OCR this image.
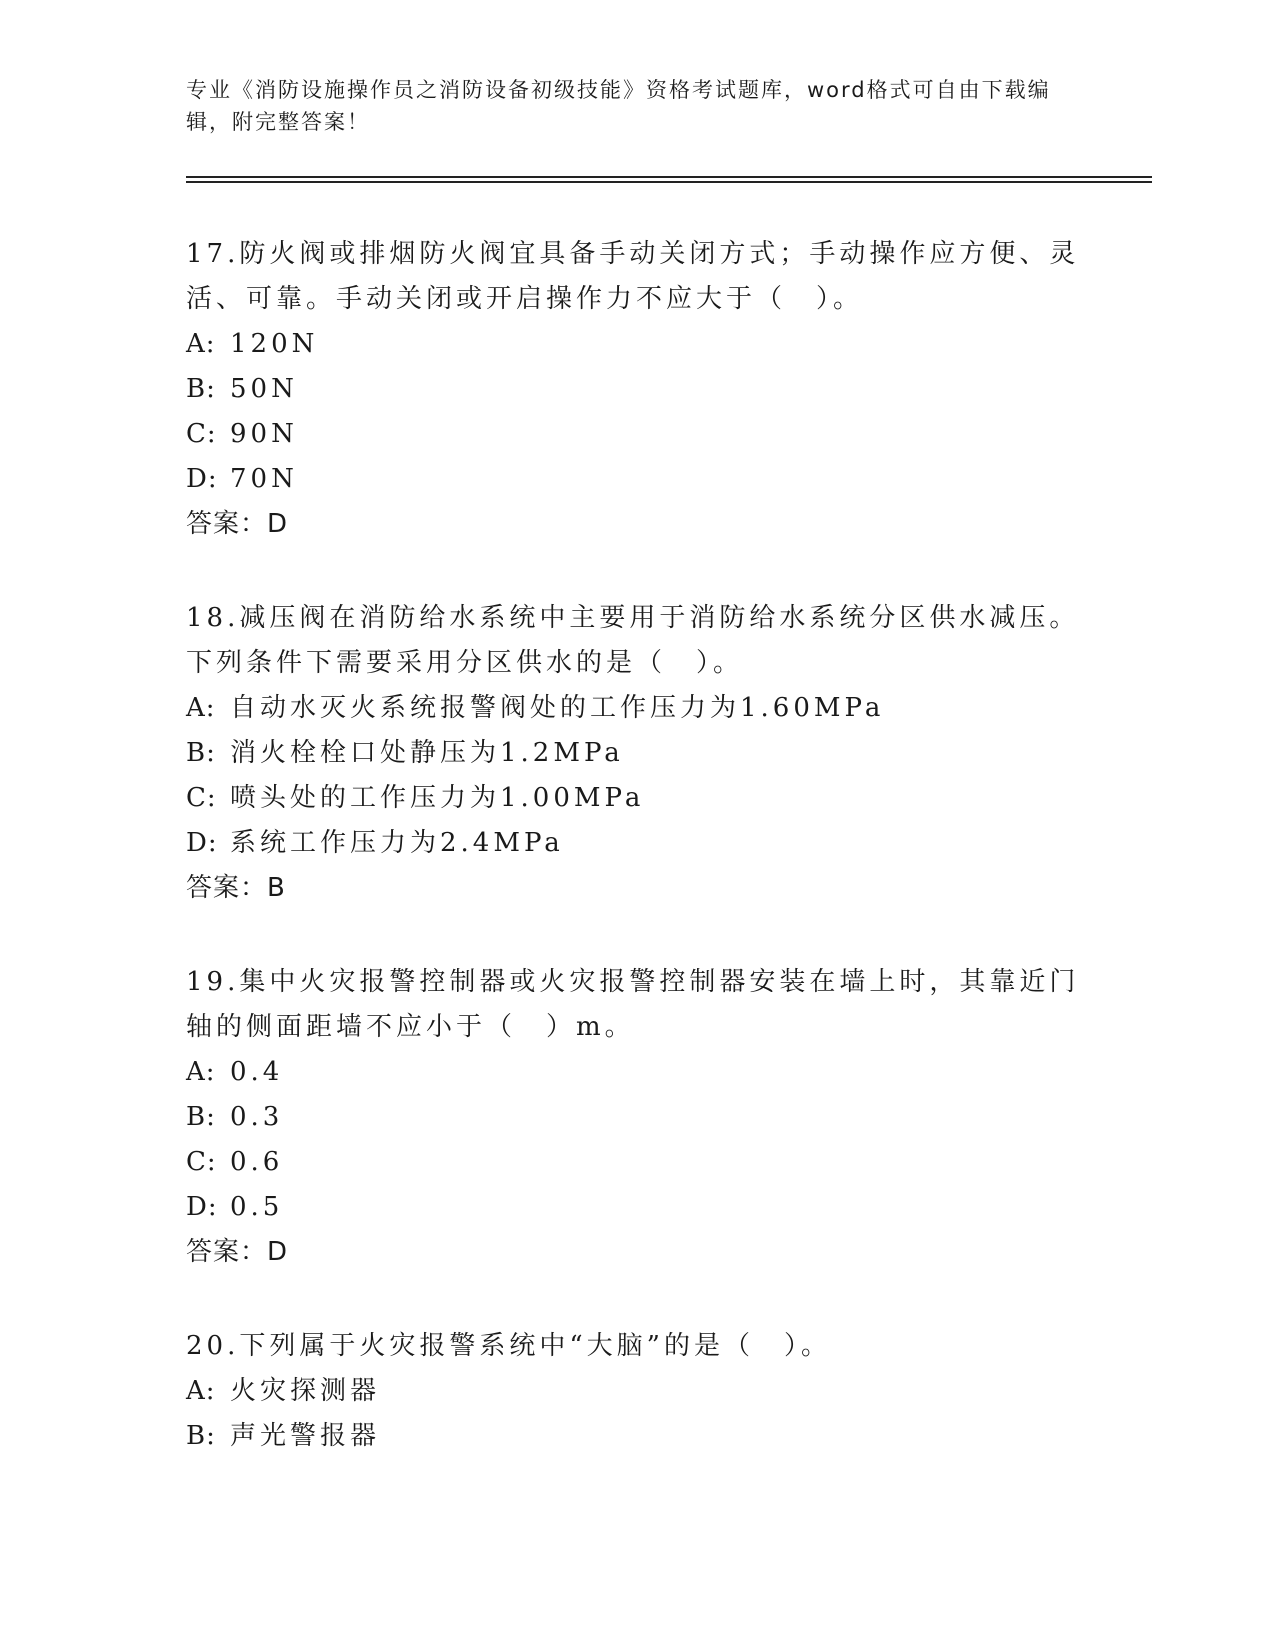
专业《消防设施操作员之消防设备初级技能》资格考试题库，word格式可自由下载编辑，附完整答案！

17.防火阀或排烟防火阀宜具备手动关闭方式；手动操作应方便、灵活、可靠。手动关闭或开启操作力不应大于（　）。

A: 120N

B: 50N

C: 90N

D: 70N

答案：D

18.减压阀在消防给水系统中主要用于消防给水系统分区供水减压。下列条件下需要采用分区供水的是（　）。

A: 自动水灭火系统报警阀处的工作压力为1.60MPa

B: 消火栓栓口处静压为1.2MPa

C: 喷头处的工作压力为1.00MPa

D: 系统工作压力为2.4MPa

答案：B

19.集中火灾报警控制器或火灾报警控制器安装在墙上时，其靠近门轴的侧面距墙不应小于（　）m。

A: 0.4

B: 0.3

C: 0.6

D: 0.5

答案：D

20.下列属于火灾报警系统中“大脑”的是（　）。

A: 火灾探测器

B: 声光警报器
